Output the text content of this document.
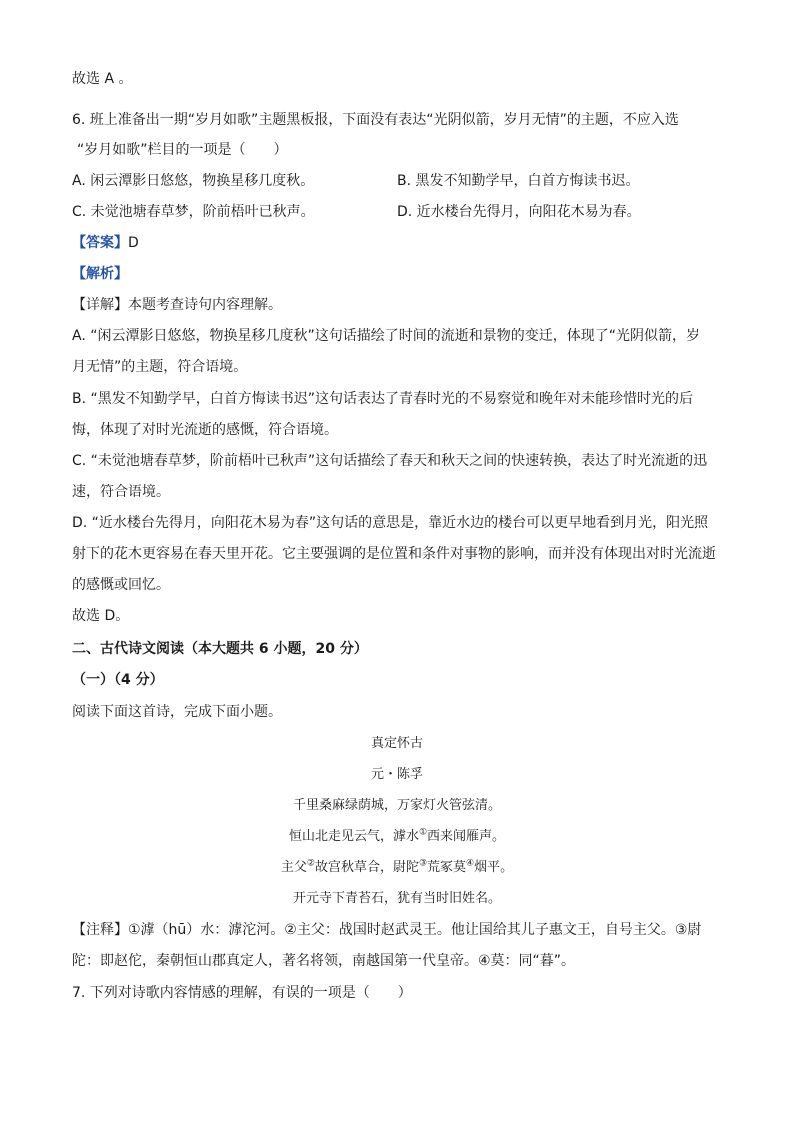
故选 A 。
6. 班上准备出一期“岁月如歌”主题黑板报，下面没有表达“光阴似箭，岁月无情”的主题，不应入选
“岁月如歌”栏目的一项是（　　）
A. 闲云潭影日悠悠，物换星移几度秋。	B. 黑发不知勤学早，白首方悔读书迟。
C. 未觉池塘春草梦，阶前梧叶已秋声。	D. 近水楼台先得月，向阳花木易为春。
【答案】D
【解析】
【详解】本题考查诗句内容理解。
A. “闲云潭影日悠悠，物换星移几度秋”这句话描绘了时间的流逝和景物的变迁，体现了“光阴似箭，岁
月无情”的主题，符合语境。
B. “黑发不知勤学早，白首方悔读书迟”这句话表达了青春时光的不易察觉和晚年对未能珍惜时光的后
悔，体现了对时光流逝的感慨，符合语境。
C. “未觉池塘春草梦，阶前梧叶已秋声”这句话描绘了春天和秋天之间的快速转换，表达了时光流逝的迅
速，符合语境。
D. “近水楼台先得月，向阳花木易为春”这句话的意思是，靠近水边的楼台可以更早地看到月光，阳光照
射下的花木更容易在春天里开花。它主要强调的是位置和条件对事物的影响，而并没有体现出对时光流逝
的感慨或回忆。
故选 D。
二、古代诗文阅读（本大题共 6 小题，20 分）
（一）（4 分）
阅读下面这首诗，完成下面小题。
真定怀古
元・陈孚
千里桑麻绿荫城，万家灯火管弦清。
恒山北走见云气，滹水①西来闻雁声。
主父②故宫秋草合，尉陀③荒冢莫④烟平。
开元寺下青苔石，犹有当时旧姓名。
【注释】①滹（hū）水：滹沱河。②主父：战国时赵武灵王。他让国给其儿子惠文王，自号主父。③尉
陀：即赵佗，秦朝恒山郡真定人，著名将领，南越国第一代皇帝。④莫：同“暮”。
7. 下列对诗歌内容情感的理解，有误的一项是（　　）
